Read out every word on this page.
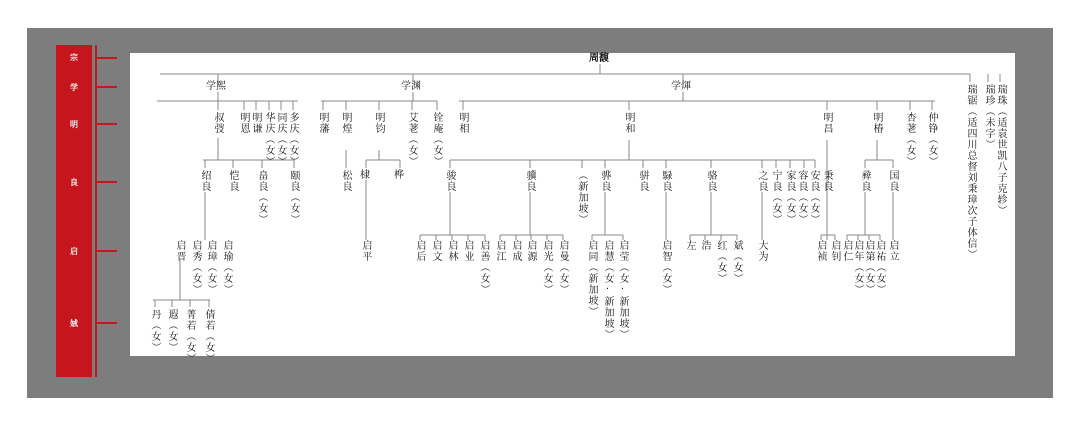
宗
学
明
良
启
娀
周馥
学熙	学渊	学煇	瑞锯（适四川总督刘秉璋次子体信） 瑞珍（未字） 瑞珠（适袁世凯八子克轸）
叔弢 明恩 明谦 华庆（女） 同庆（女） 多庆（女） 明藩 明煌 明钧 艾荖（女） 铨庵（女） 明相	明和	明昌	明椿 杏荖（女） 仲铮（女）
绍良 恺良 畠良（女） 颐良（女）	松良 棣 桦	骏良	骥良	（新加坡） 骅良	骈良 騄良	骆良	之良 宁良（女） 家良（女） 容良（女） 安良（女） 秉良	彛良 国良
启晋 启秀（女） 启璋（女） 启瑜（女）	启平	启后 启文 启林 启业 启善（女） 启江 启成 启源 启光（女） 启曼（女） 启同（新加坡） 启慧（女·新加坡） 启莹（女·新加坡）	启智（女） 左 浩 红（女） 斌（女） 大为	启祯 启钊 启仁 启年（女） 启第（女） 启祐（女） 启立
丹（女） 遐（女） 菁若（女） 倩若（女）
